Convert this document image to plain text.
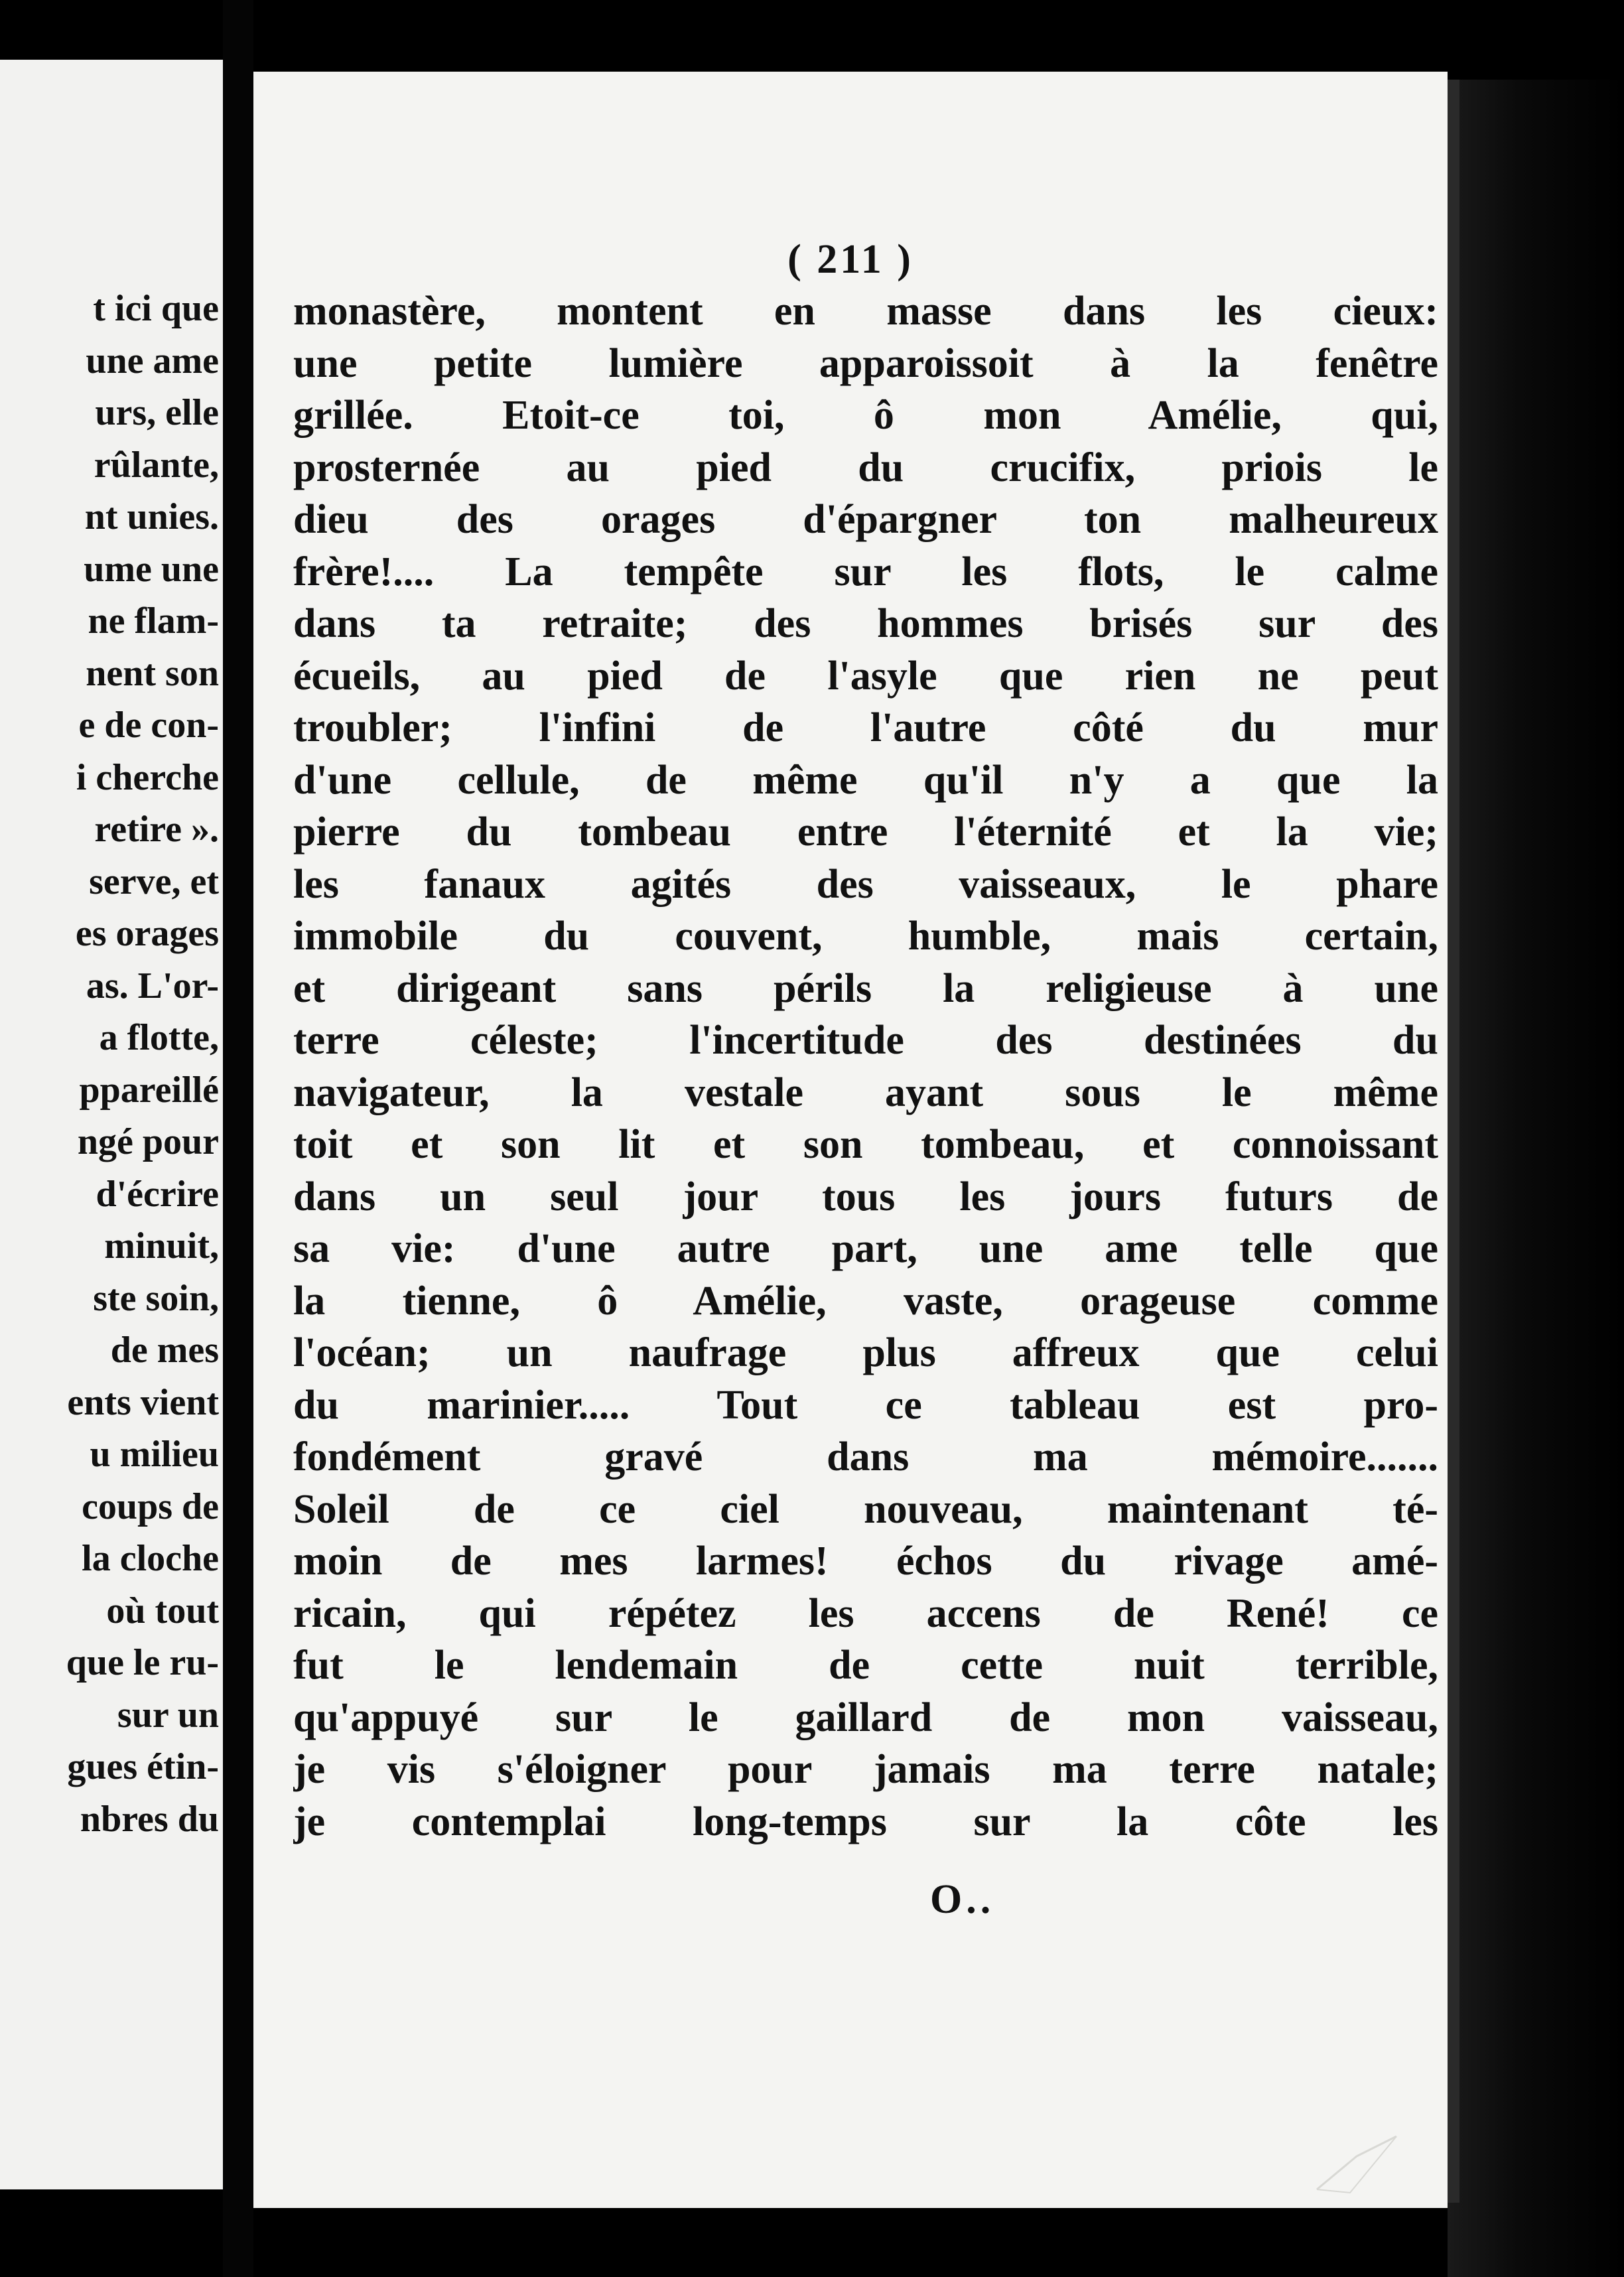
t ici que
une ame
urs, elle
rûlante,
nt unies.
ume une
ne flam-
nent son
e de con-
i cherche
retire ».
serve, et
es orages
as. L'or-
a flotte,
ppareillé
ngé pour
d'écrire
minuit,
ste soin,
de mes
ents vient
u milieu
coups de
la cloche
où tout
que le ru-
sur un
gues étin-
nbres du
( 211 )
monastère, montent en masse dans les cieux:
une petite lumière apparoissoit à la fenêtre
grillée. Etoit-ce toi, ô mon Amélie, qui,
prosternée au pied du crucifix, priois le
dieu des orages d'épargner ton malheureux
frère!.... La tempête sur les flots, le calme
dans ta retraite; des hommes brisés sur des
écueils, au pied de l'asyle que rien ne peut
troubler; l'infini de l'autre côté du mur
d'une cellule, de même qu'il n'y a que la
pierre du tombeau entre l'éternité et la vie;
les fanaux agités des vaisseaux, le phare
immobile du couvent, humble, mais certain,
et dirigeant sans périls la religieuse à une
terre céleste; l'incertitude des destinées du
navigateur, la vestale ayant sous le même
toit et son lit et son tombeau, et connoissant
dans un seul jour tous les jours futurs de
sa vie: d'une autre part, une ame telle que
la tienne, ô Amélie, vaste, orageuse comme
l'océan; un naufrage plus affreux que celui
du marinier..... Tout ce tableau est pro-
fondément gravé dans ma mémoire.......
Soleil de ce ciel nouveau, maintenant té-
moin de mes larmes! échos du rivage amé-
ricain, qui répétez les accens de René! ce
fut le lendemain de cette nuit terrible,
qu'appuyé sur le gaillard de mon vaisseau,
je vis s'éloigner pour jamais ma terre natale;
je contemplai long-temps sur la côte les
O..
